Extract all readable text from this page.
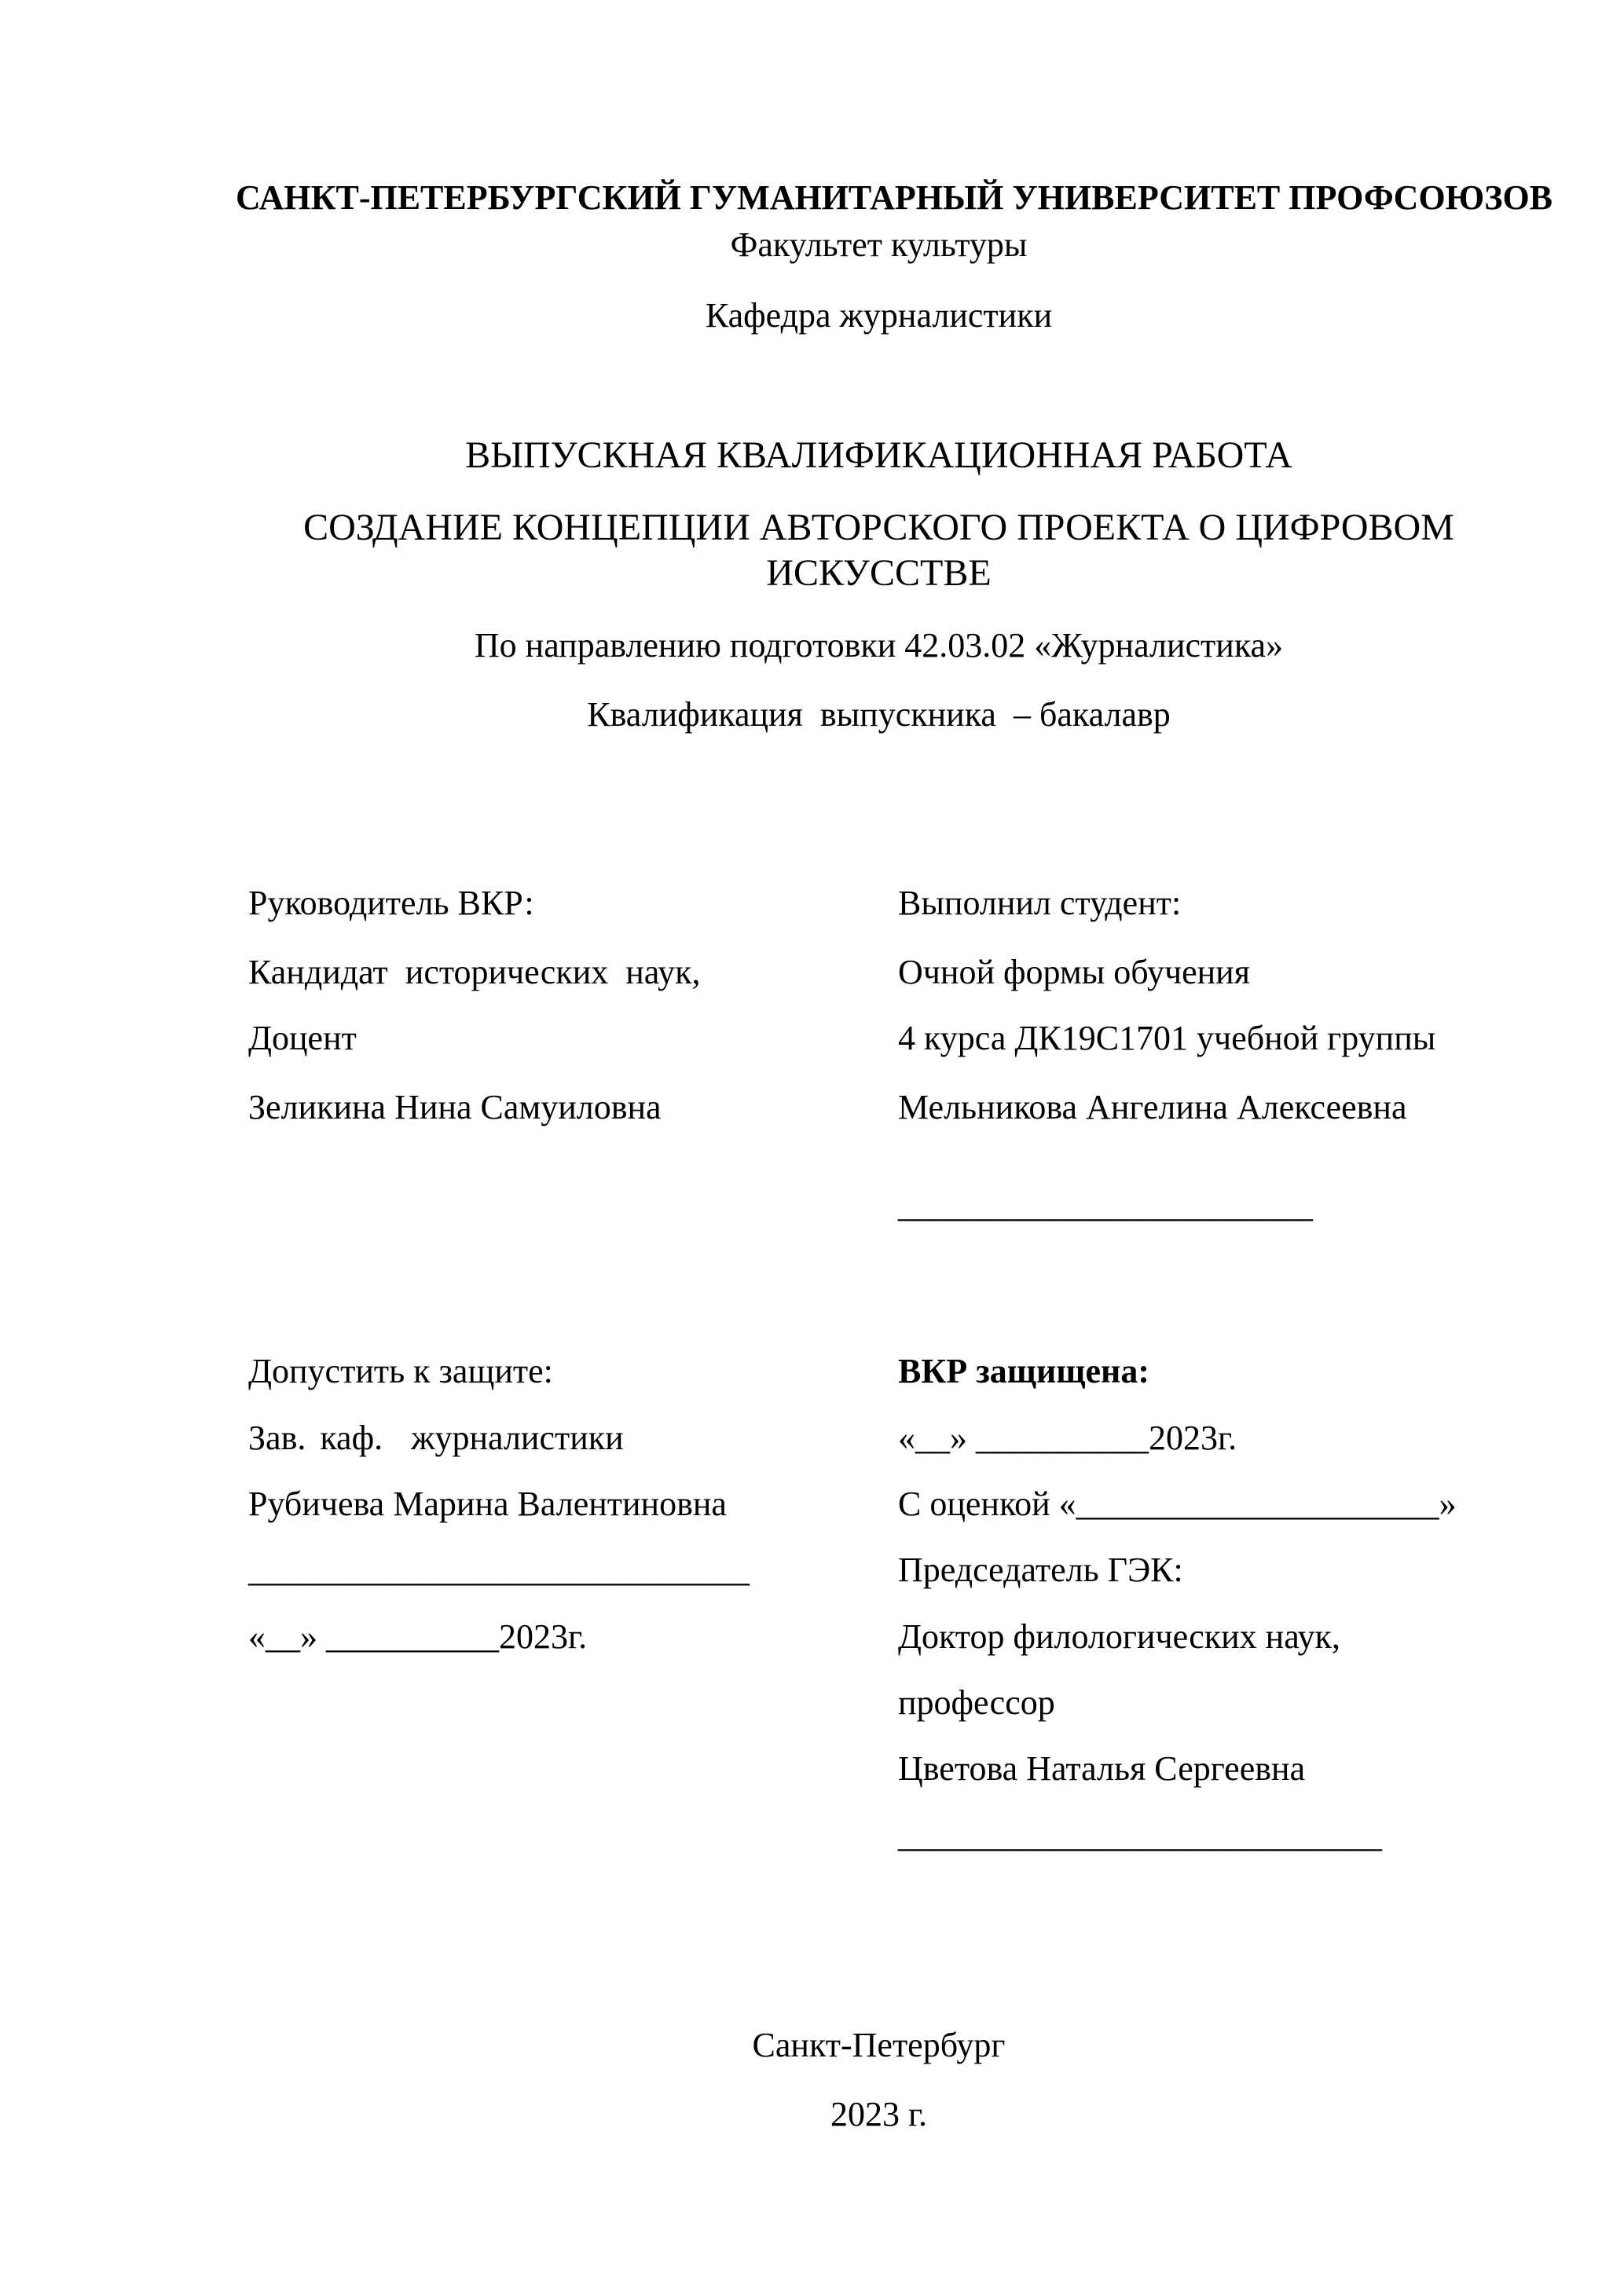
САНКТ-ПЕТЕРБУРГСКИЙ ГУМАНИТАРНЫЙ УНИВЕРСИТЕТ ПРОФСОЮЗОВ
Факультет культуры
Кафедра журналистики
ВЫПУСКНАЯ КВАЛИФИКАЦИОННАЯ РАБОТА
СОЗДАНИЕ КОНЦЕПЦИИ АВТОРСКОГО ПРОЕКТА О ЦИФРОВОМ
ИСКУССТВЕ
По направлению подготовки 42.03.02 «Журналистика»
Квалификация  выпускника  – бакалавр
Руководитель ВКР:
Кандидат  исторических  наук,
Доцент
Зеликина Нина Самуиловна
Выполнил студент:
Очной формы обучения
4 курса ДК19С1701 учебной группы
Мельникова Ангелина Алексеевна
________________________
Допустить к защите:
Зав. каф.  журналистики
Рубичева Марина Валентиновна
_____________________________
«__» __________2023г.
ВКР защищена:
«__» __________2023г.
С оценкой «_____________________»
Председатель ГЭК:
Доктор филологических наук,
профессор
Цветова Наталья Сергеевна
____________________________
Санкт-Петербург
2023 г.
